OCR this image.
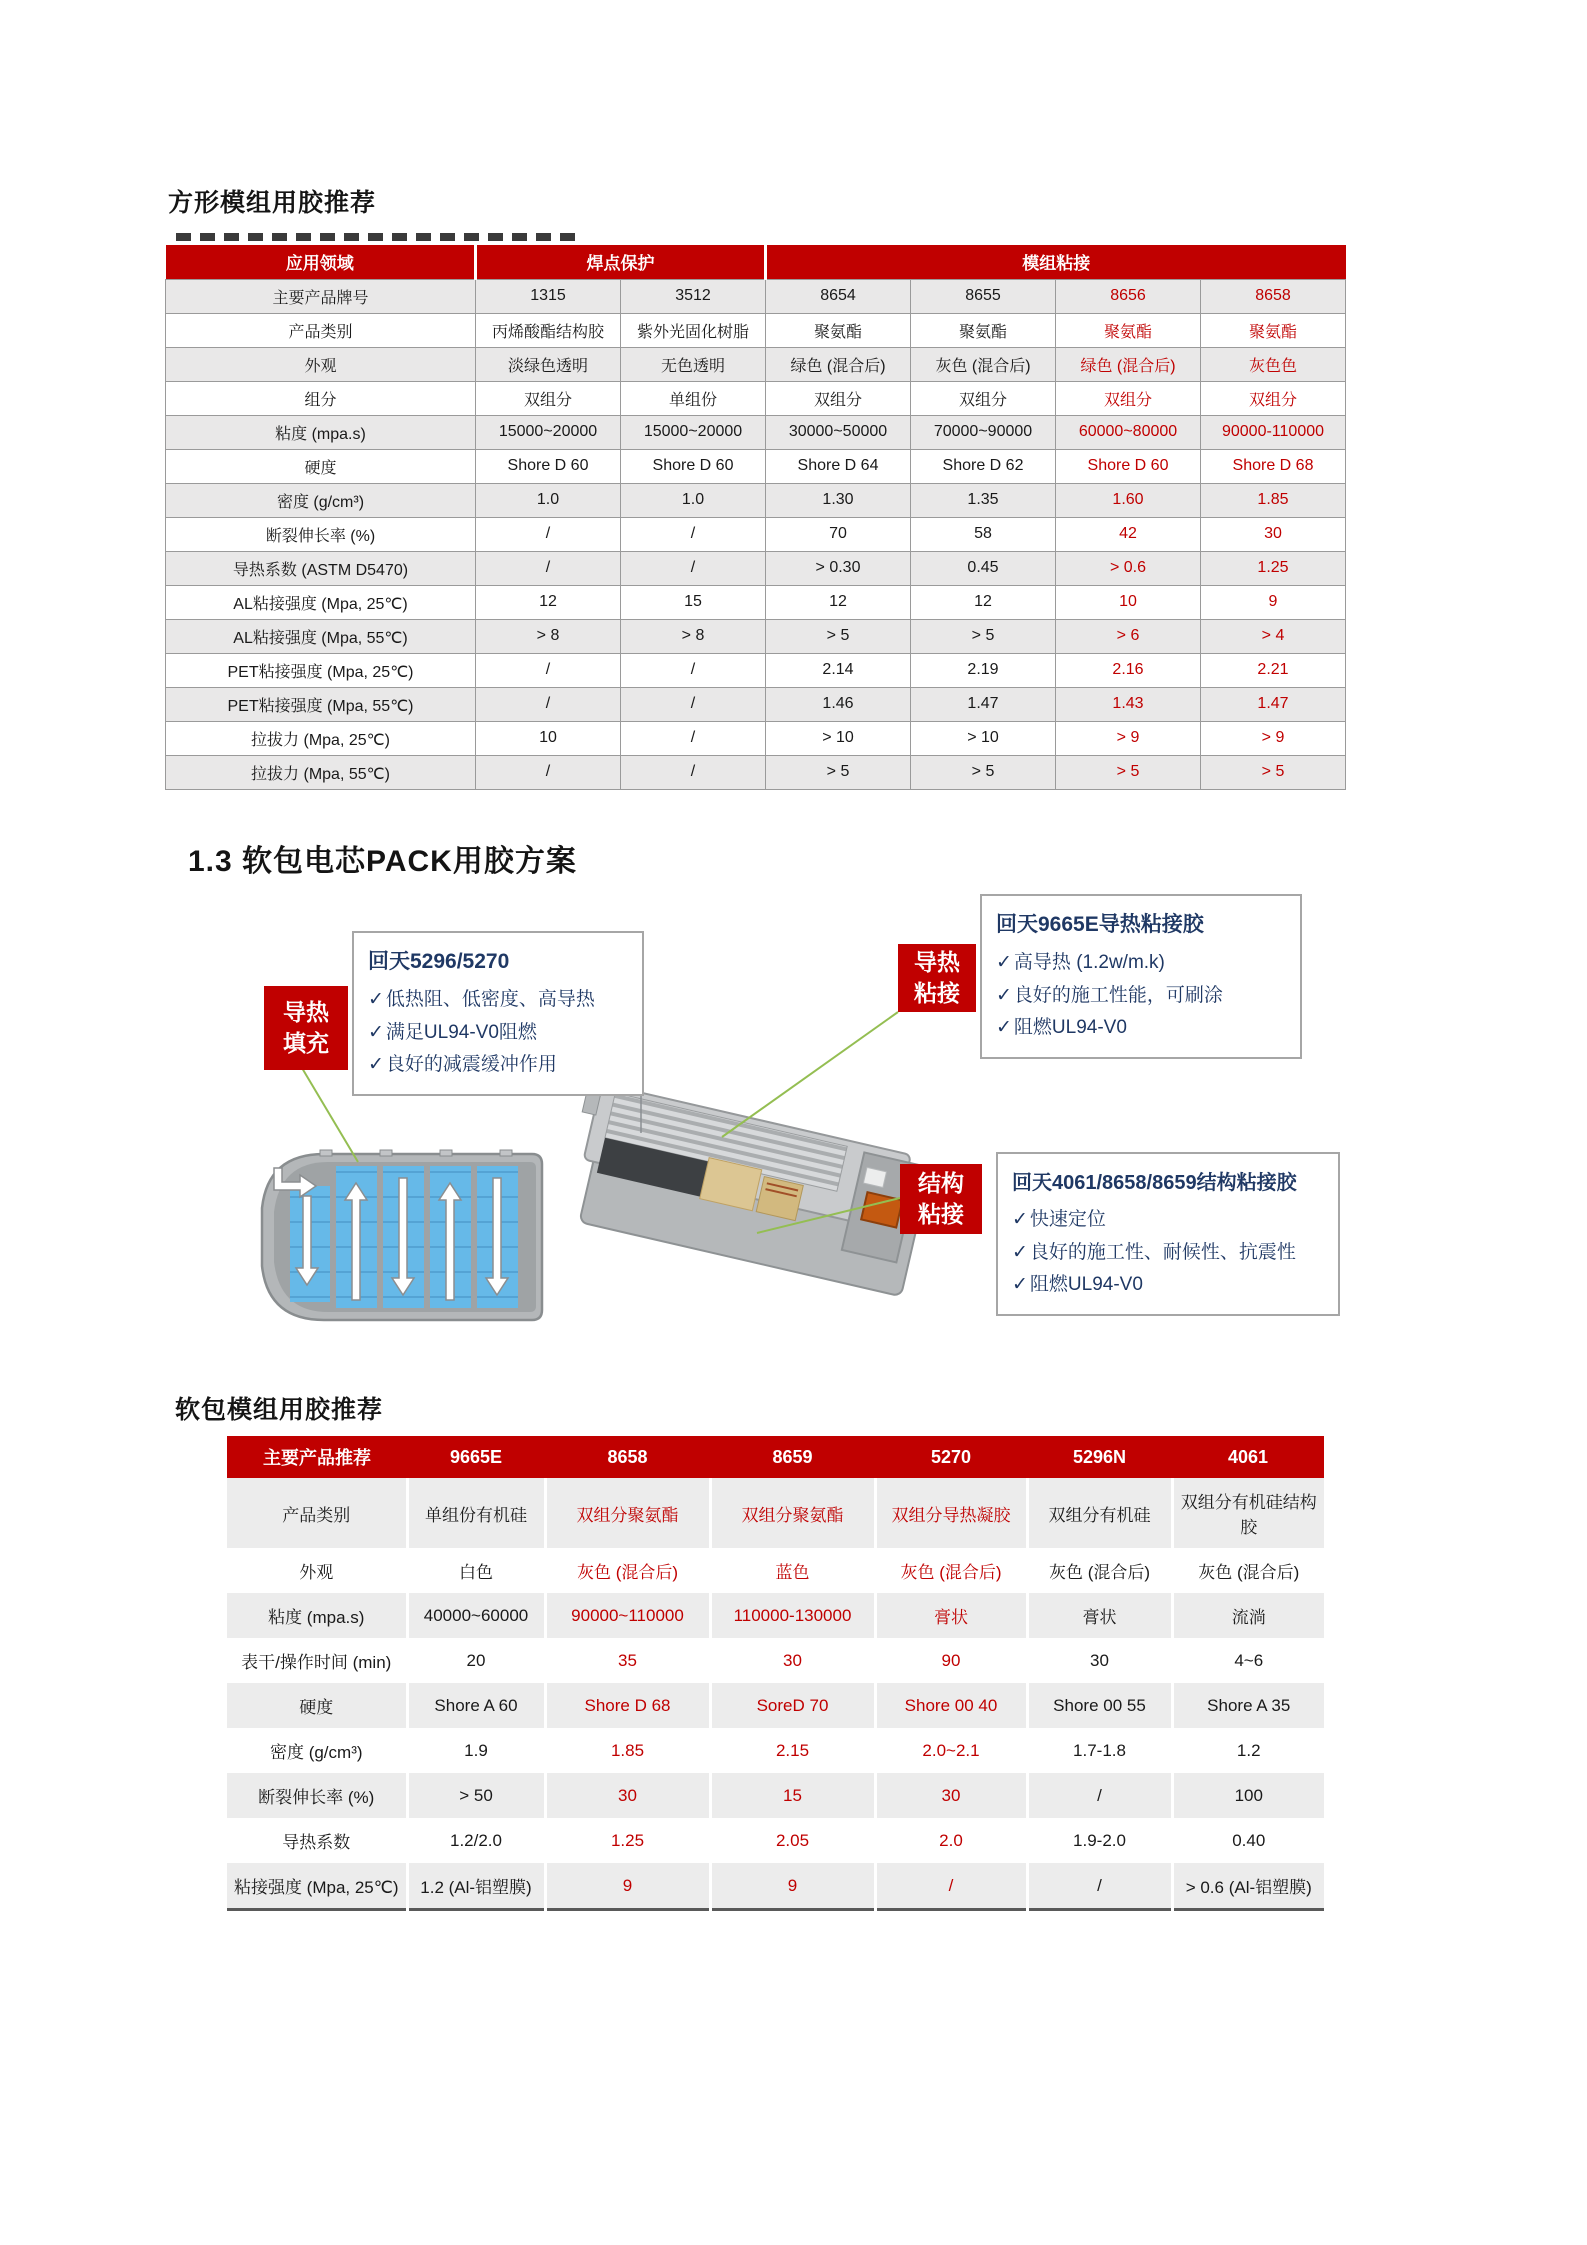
方形模组用胶推荐
应用领域	焊点保护		模组粘接			
主要产品牌号	1315	3512	8654	8655	8656	8658
产品类别	丙烯酸酯结构胶	紫外光固化树脂	聚氨酯	聚氨酯	聚氨酯	聚氨酯
外观	淡绿色透明	无色透明	绿色 (混合后)	灰色 (混合后)	绿色 (混合后)	灰色色
组分	双组分	单组份	双组分	双组分	双组分	双组分
粘度 (mpa.s)	15000~20000	15000~20000	30000~50000	70000~90000	60000~80000	90000-110000
硬度	Shore D 60	Shore D 60	Shore D 64	Shore D 62	Shore D 60	Shore D 68
密度 (g/cm³)	1.0	1.0	1.30	1.35	1.60	1.85
断裂伸长率 (%)	/	/	70	58	42	30
导热系数 (ASTM D5470)	/	/	> 0.30	0.45	> 0.6	1.25
AL粘接强度 (Mpa, 25℃)	12	15	12	12	10	9
AL粘接强度 (Mpa, 55℃)	> 8	> 8	> 5	> 5	> 6	> 4
PET粘接强度 (Mpa, 25℃)	/	/	2.14	2.19	2.16	2.21
PET粘接强度 (Mpa, 55℃)	/	/	1.46	1.47	1.43	1.47
拉拔力 (Mpa, 25℃)	10	/	> 10	> 10	> 9	> 9
拉拔力 (Mpa, 55℃)	/	/	> 5	> 5	> 5	> 5
1.3 软包电芯PACK用胶方案
导热
填充
导热
粘接
结构
粘接
回天5296/5270
✓ 低热阻、低密度、高导热
✓ 满足UL94-V0阻燃
✓ 良好的减震缓冲作用
回天9665E导热粘接胶
✓ 高导热 (1.2w/m.k)
✓ 良好的施工性能，可刷涂
✓ 阻燃UL94-V0
回天4061/8658/8659结构粘接胶
✓ 快速定位
✓ 良好的施工性、耐候性、抗震性
✓ 阻燃UL94-V0
软包模组用胶推荐
主要产品推荐	9665E	8658	8659	5270	5296N	4061
产品类别	单组份有机硅	双组分聚氨酯	双组分聚氨酯	双组分导热凝胶	双组分有机硅	双组分有机硅结构胶
外观	白色	灰色 (混合后)	蓝色	灰色 (混合后)	灰色 (混合后)	灰色 (混合后)
粘度 (mpa.s)	40000~60000	90000~110000	110000-130000	膏状	膏状	流淌
表干/操作时间 (min)	20	35	30	90	30	4~6
硬度	Shore A 60	Shore D 68	SoreD 70	Shore 00 40	Shore 00 55	Shore A 35
密度 (g/cm³)	1.9	1.85	2.15	2.0~2.1	1.7-1.8	1.2
断裂伸长率 (%)	> 50	30	15	30	/	100
导热系数	1.2/2.0	1.25	2.05	2.0	1.9-2.0	0.40
粘接强度 (Mpa, 25℃)	1.2 (Al-铝塑膜)	9	9	/	/	> 0.6 (Al-铝塑膜)
